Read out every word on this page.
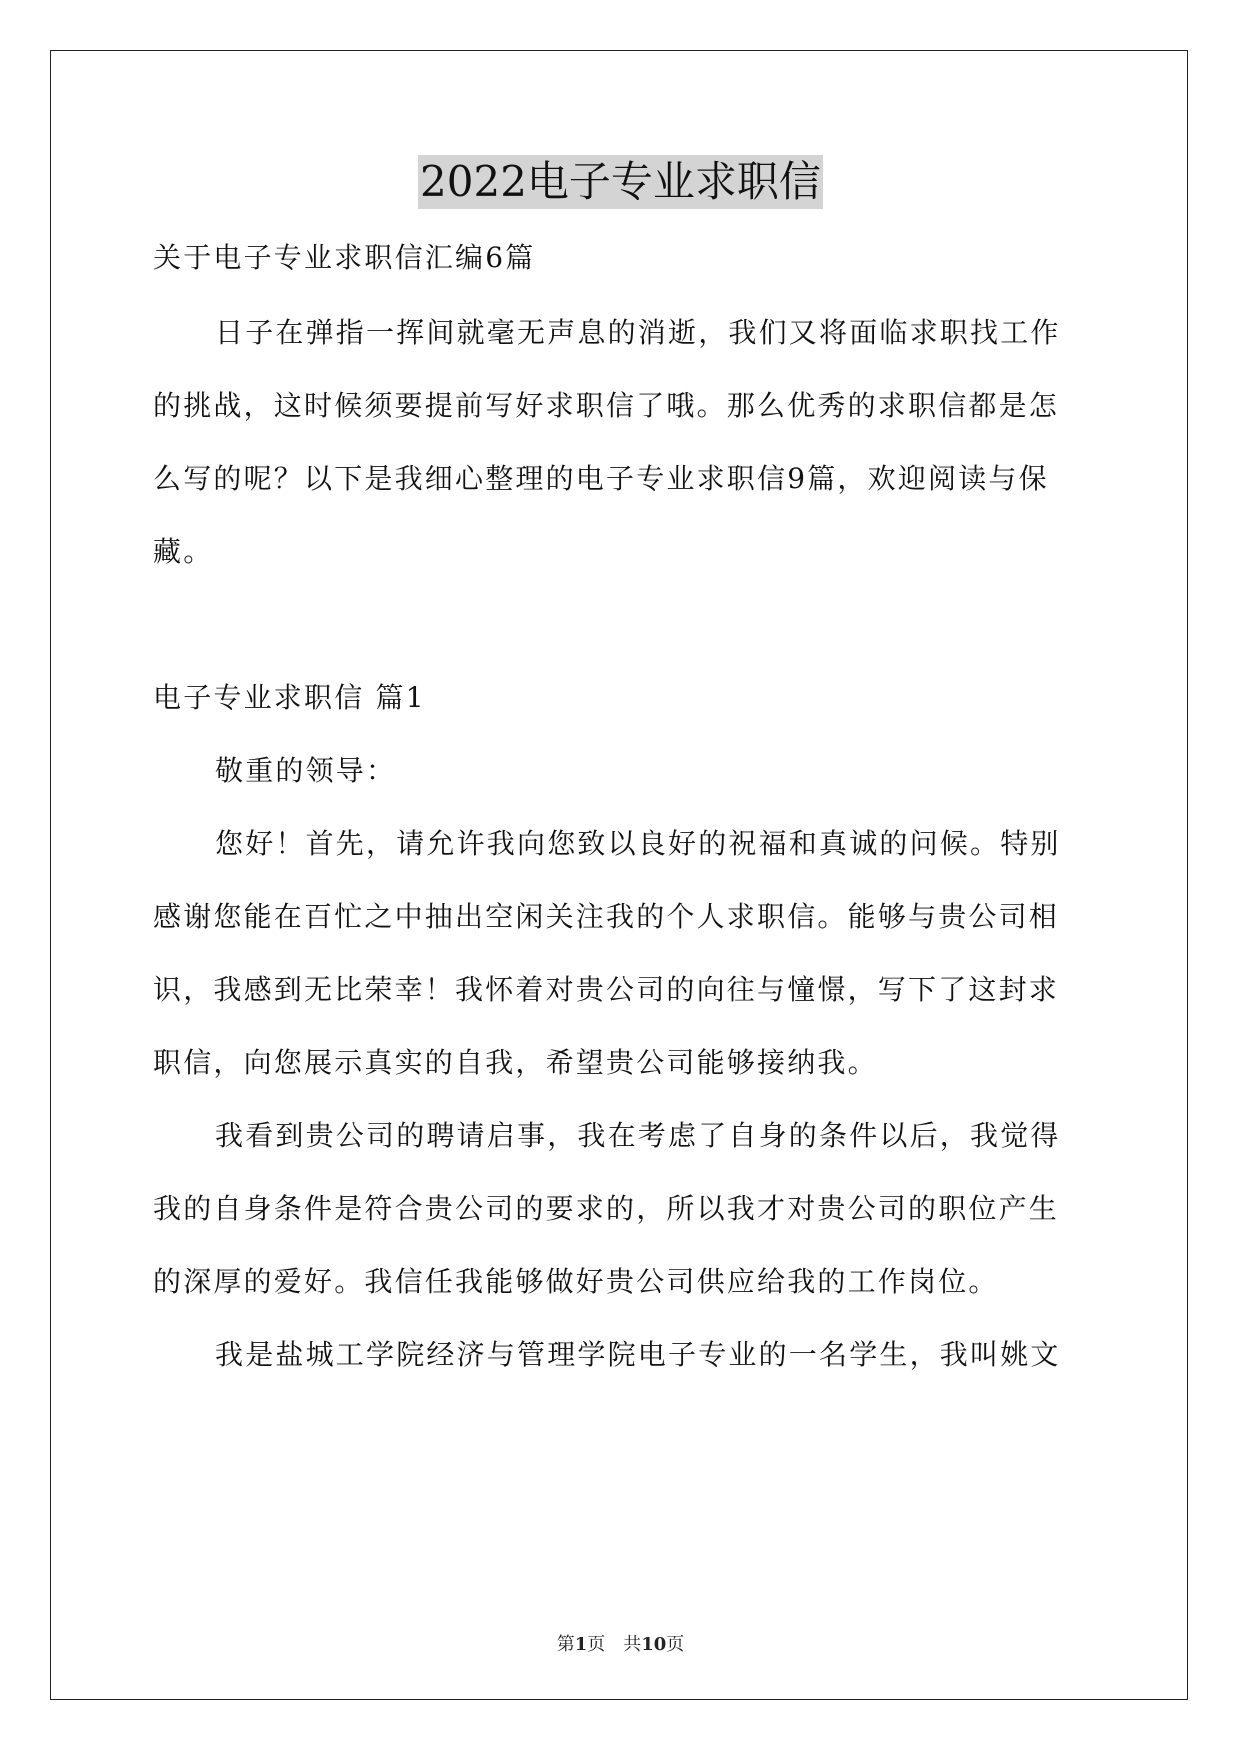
2022电子专业求职信
关于电子专业求职信汇编6篇
日子在弹指一挥间就毫无声息的消逝，我们又将面临求职找工作
的挑战，这时候须要提前写好求职信了哦。那么优秀的求职信都是怎
么写的呢？以下是我细心整理的电子专业求职信9篇，欢迎阅读与保
藏。
电子专业求职信 篇1
敬重的领导：
您好！首先，请允许我向您致以良好的祝福和真诚的问候。特别
感谢您能在百忙之中抽出空闲关注我的个人求职信。能够与贵公司相
识，我感到无比荣幸！我怀着对贵公司的向往与憧憬，写下了这封求
职信，向您展示真实的自我，希望贵公司能够接纳我。
我看到贵公司的聘请启事，我在考虑了自身的条件以后，我觉得
我的自身条件是符合贵公司的要求的，所以我才对贵公司的职位产生
的深厚的爱好。我信任我能够做好贵公司供应给我的工作岗位。
我是盐城工学院经济与管理学院电子专业的一名学生，我叫姚文
第1页　共10页
